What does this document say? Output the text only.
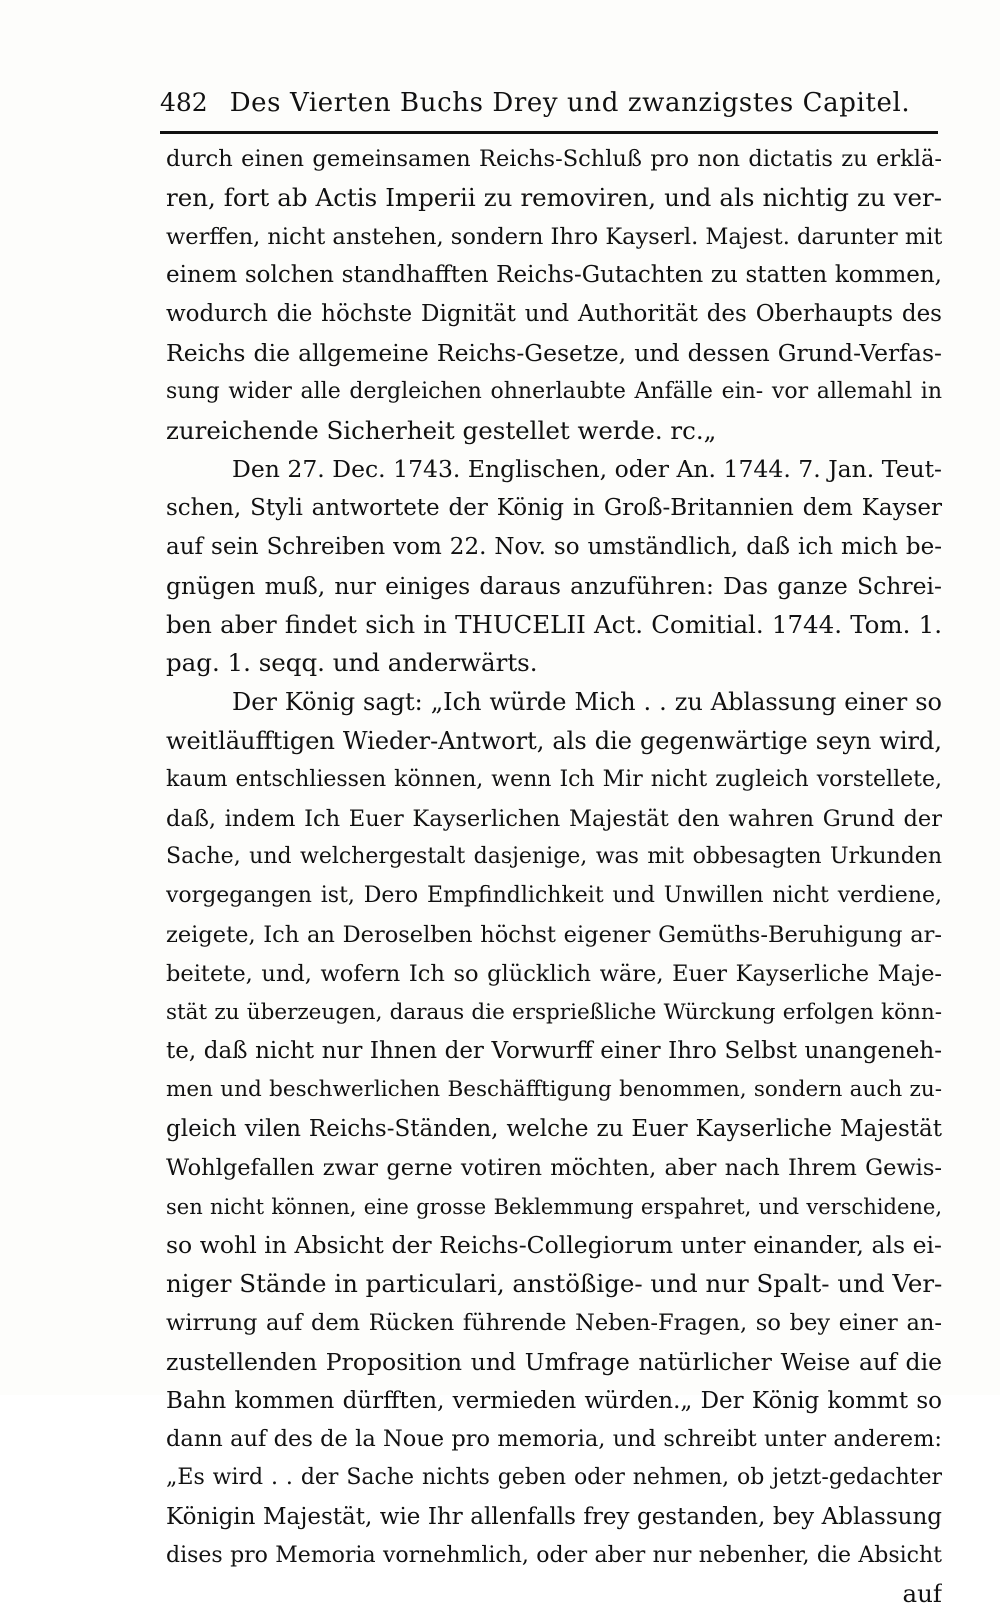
482 Des Vierten Buchs Drey und zwanzigstes Capitel.
durch einen gemeinsamen Reichs-Schluß pro non dictatis zu erklä-
ren, fort ab Actis Imperii zu removiren, und als nichtig zu ver-
werffen, nicht anstehen, sondern Ihro Kayserl. Majest. darunter mit
einem solchen standhafften Reichs-Gutachten zu statten kommen,
wodurch die höchste Dignität und Authorität des Oberhaupts des
Reichs die allgemeine Reichs-Gesetze, und dessen Grund-Verfas-
sung wider alle dergleichen ohnerlaubte Anfälle ein- vor allemahl in
zureichende Sicherheit gestellet werde. rc.„
Den 27. Dec. 1743. Englischen, oder An. 1744. 7. Jan. Teut-
schen, Styli antwortete der König in Groß-Britannien dem Kayser
auf sein Schreiben vom 22. Nov. so umständlich, daß ich mich be-
gnügen muß, nur einiges daraus anzuführen: Das ganze Schrei-
ben aber findet sich in THUCELII Act. Comitial. 1744. Tom. 1.
pag. 1. seqq. und anderwärts.
Der König sagt: „Ich würde Mich . . zu Ablassung einer so
weitläufftigen Wieder-Antwort, als die gegenwärtige seyn wird,
kaum entschliessen können, wenn Ich Mir nicht zugleich vorstellete,
daß, indem Ich Euer Kayserlichen Majestät den wahren Grund der
Sache, und welchergestalt dasjenige, was mit obbesagten Urkunden
vorgegangen ist, Dero Empfindlichkeit und Unwillen nicht verdiene,
zeigete, Ich an Deroselben höchst eigener Gemüths-Beruhigung ar-
beitete, und, wofern Ich so glücklich wäre, Euer Kayserliche Maje-
stät zu überzeugen, daraus die ersprießliche Würckung erfolgen könn-
te, daß nicht nur Ihnen der Vorwurff einer Ihro Selbst unangeneh-
men und beschwerlichen Beschäfftigung benommen, sondern auch zu-
gleich vilen Reichs-Ständen, welche zu Euer Kayserliche Majestät
Wohlgefallen zwar gerne votiren möchten, aber nach Ihrem Gewis-
sen nicht können, eine grosse Beklemmung erspahret, und verschidene,
so wohl in Absicht der Reichs-Collegiorum unter einander, als ei-
niger Stände in particulari, anstößige- und nur Spalt- und Ver-
wirrung auf dem Rücken führende Neben-Fragen, so bey einer an-
zustellenden Proposition und Umfrage natürlicher Weise auf die
Bahn kommen dürfften, vermieden würden.„ Der König kommt so
dann auf des de la Noue pro memoria, und schreibt unter anderem:
„Es wird . . der Sache nichts geben oder nehmen, ob jetzt-gedachter
Königin Majestät, wie Ihr allenfalls frey gestanden, bey Ablassung
dises pro Memoria vornehmlich, oder aber nur nebenher, die Absicht
auf
